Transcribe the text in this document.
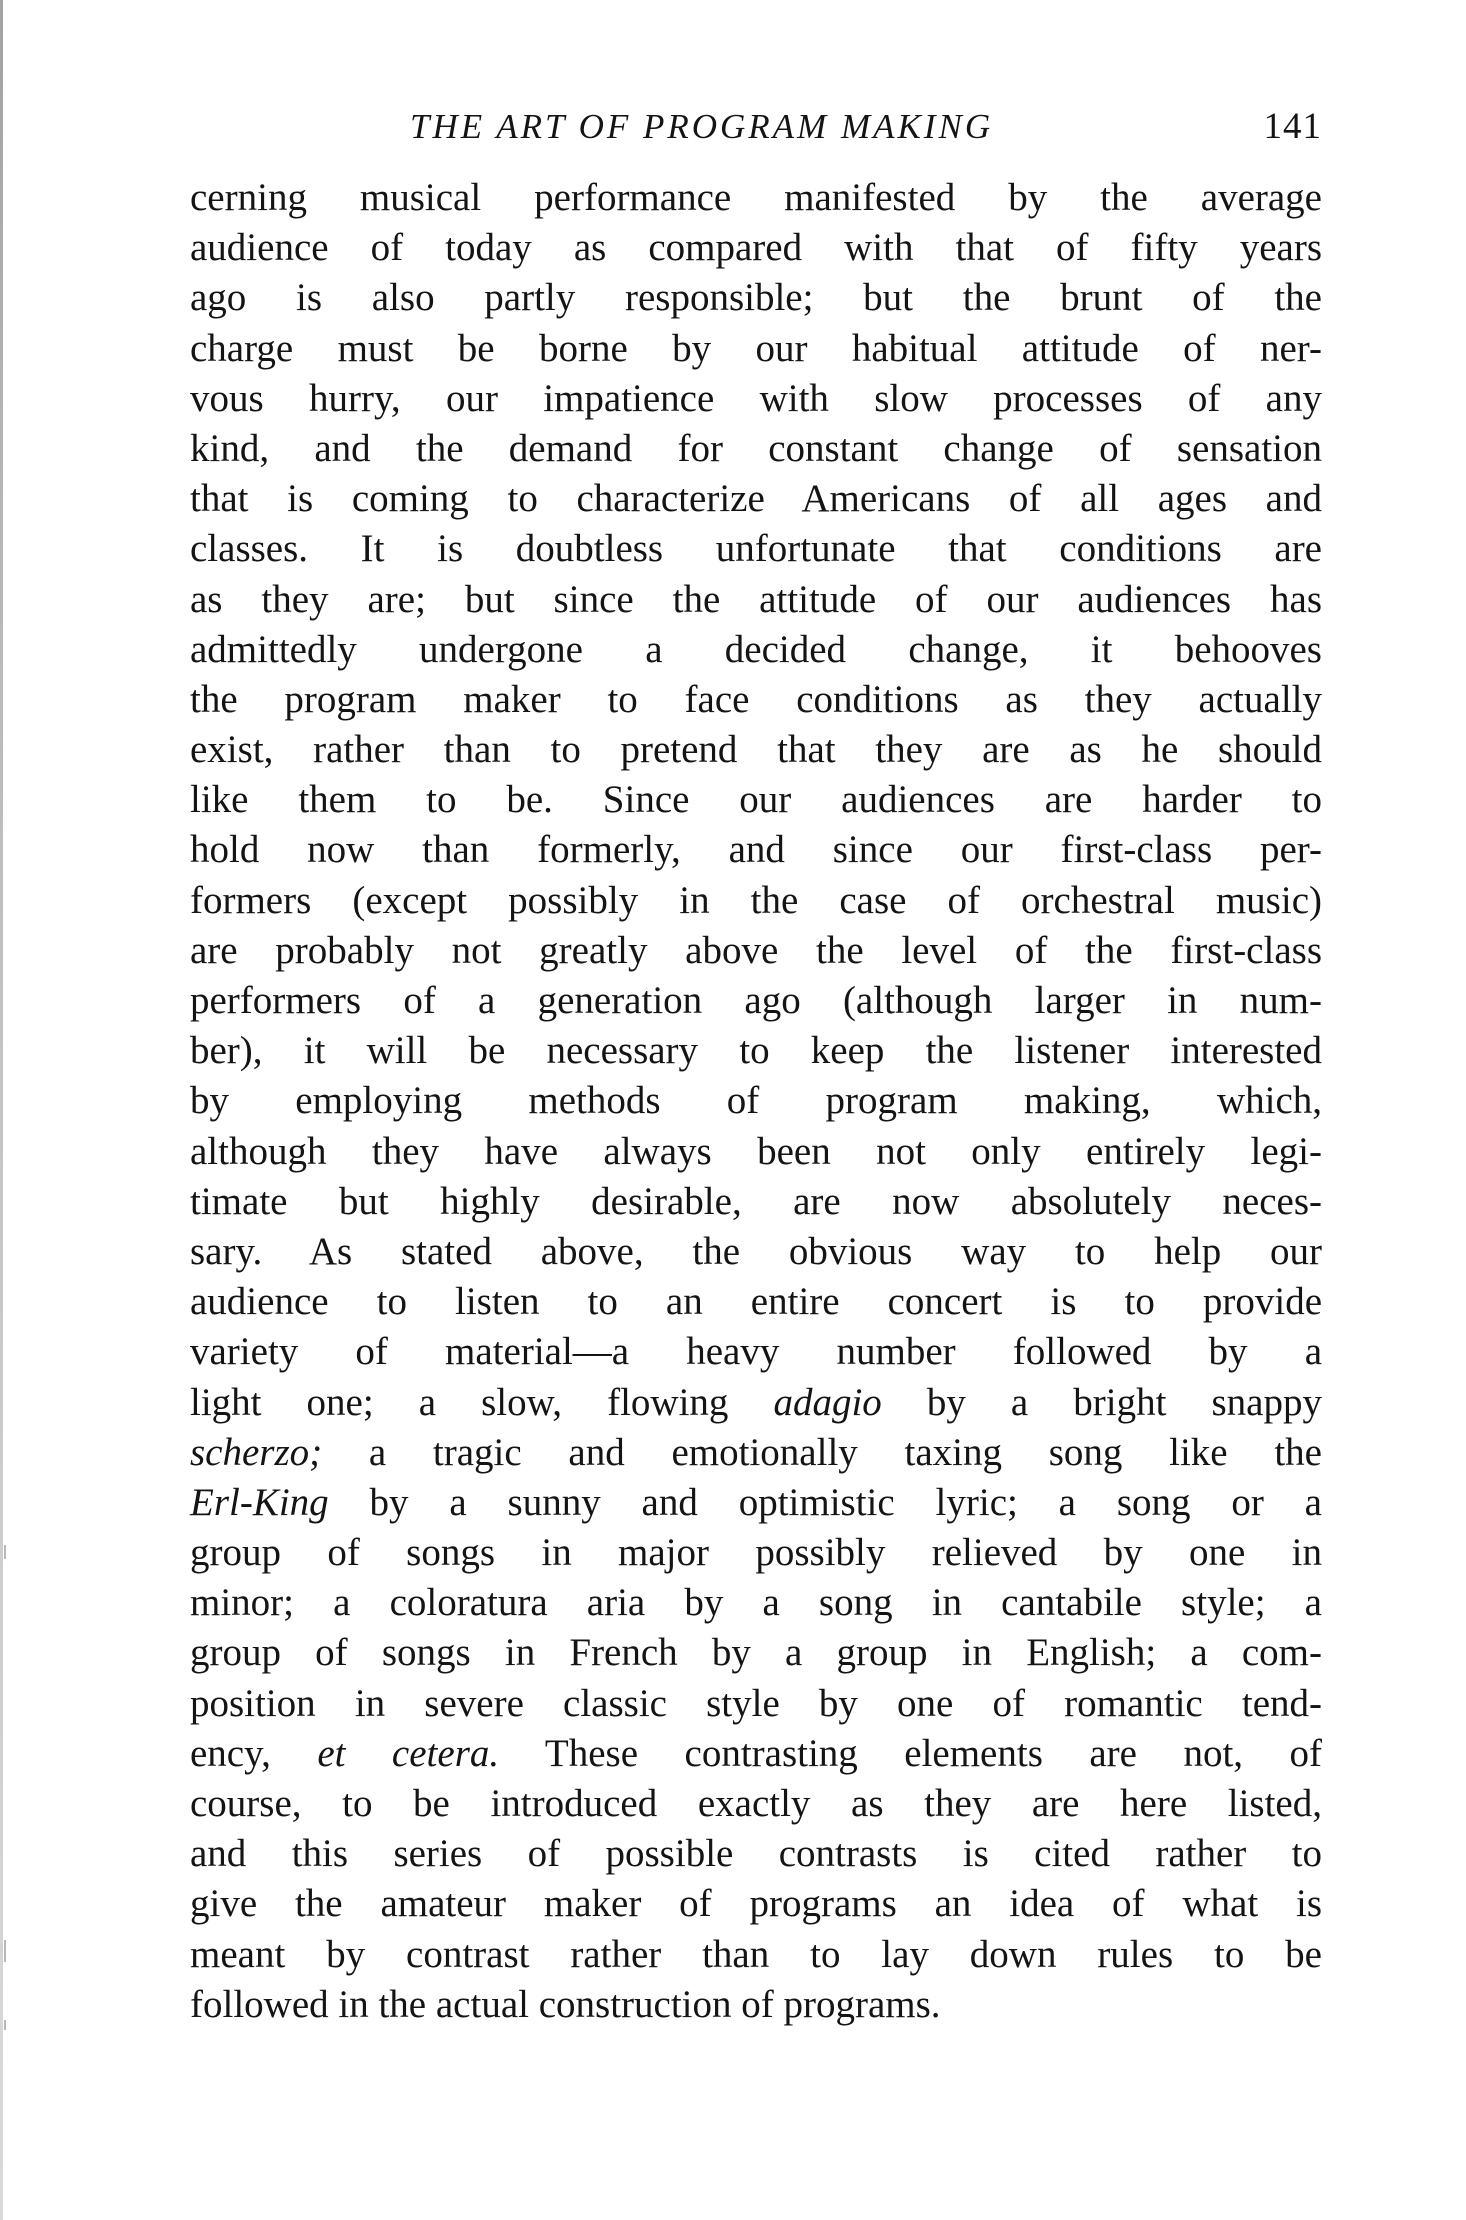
THE ART OF PROGRAM MAKING	141
cerning musical performance manifested by the average
audience of today as compared with that of fifty years
ago is also partly responsible; but the brunt of the
charge must be borne by our habitual attitude of ner-
vous hurry, our impatience with slow processes of any
kind, and the demand for constant change of sensation
that is coming to characterize Americans of all ages and
classes. It is doubtless unfortunate that conditions are
as they are; but since the attitude of our audiences has
admittedly undergone a decided change, it behooves
the program maker to face conditions as they actually
exist, rather than to pretend that they are as he should
like them to be. Since our audiences are harder to
hold now than formerly, and since our first-class per-
formers (except possibly in the case of orchestral music)
are probably not greatly above the level of the first-class
performers of a generation ago (although larger in num-
ber), it will be necessary to keep the listener interested
by employing methods of program making, which,
although they have always been not only entirely legi-
timate but highly desirable, are now absolutely neces-
sary. As stated above, the obvious way to help our
audience to listen to an entire concert is to provide
variety of material—a heavy number followed by a
light one; a slow, flowing adagio by a bright snappy
scherzo; a tragic and emotionally taxing song like the
Erl-King by a sunny and optimistic lyric; a song or a
group of songs in major possibly relieved by one in
minor; a coloratura aria by a song in cantabile style; a
group of songs in French by a group in English; a com-
position in severe classic style by one of romantic tend-
ency, et cetera. These contrasting elements are not, of
course, to be introduced exactly as they are here listed,
and this series of possible contrasts is cited rather to
give the amateur maker of programs an idea of what is
meant by contrast rather than to lay down rules to be
followed in the actual construction of programs.
